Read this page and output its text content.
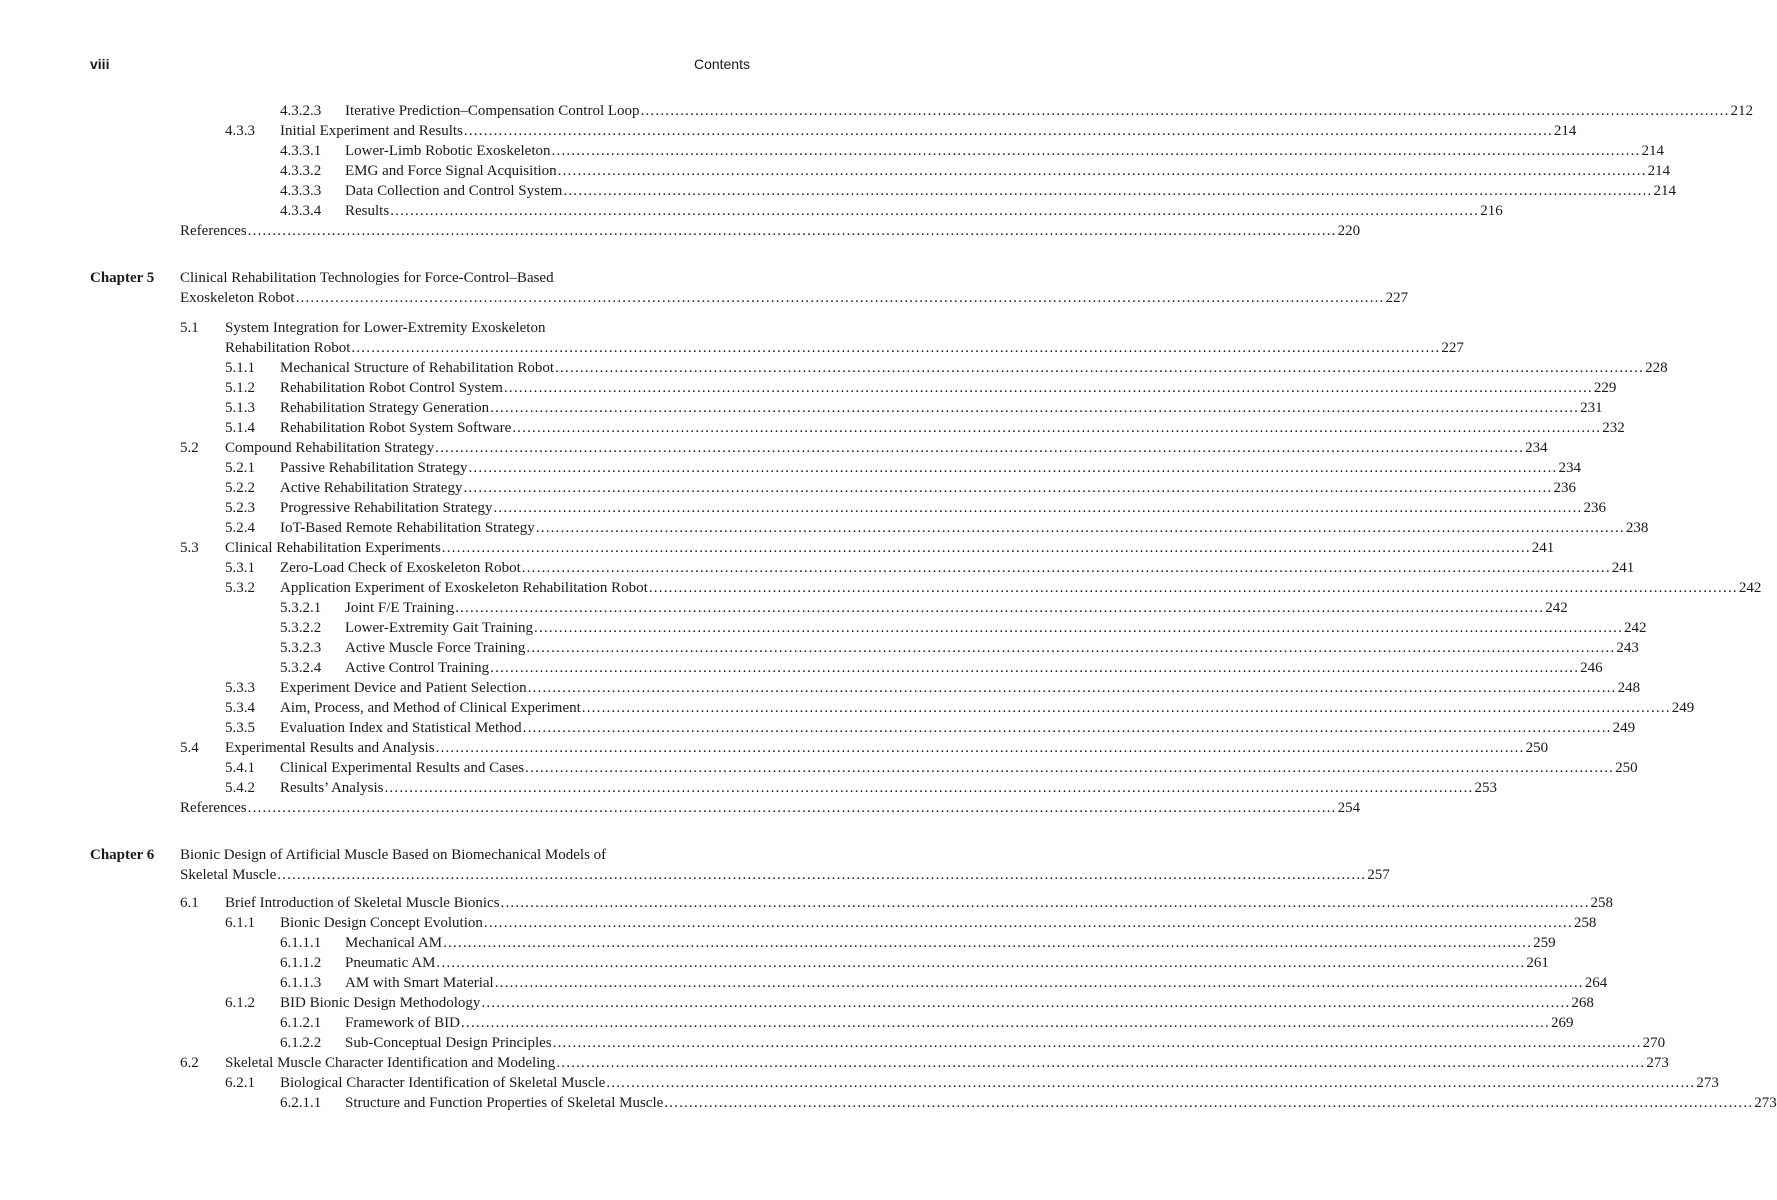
viii	Contents
Chapter 5 Clinical Rehabilitation Technologies for Force-Control–Based
Exoskeleton Robot ............................................................................................................................................................................................................................ 227
Chapter 6 Bionic Design of Artificial Muscle Based on Biomechanical Models of
Skeletal Muscle ............................................................................................................................................................................................................................ 257
4.3.2.3 Iterative Prediction–Compensation Control Loop ............................................................................................................................................................................................................................ 212
4.3.3 Initial Experiment and Results ............................................................................................................................................................................................................................ 214
4.3.3.1 Lower-Limb Robotic Exoskeleton ............................................................................................................................................................................................................................ 214
4.3.3.2 EMG and Force Signal Acquisition ............................................................................................................................................................................................................................ 214
4.3.3.3 Data Collection and Control System ............................................................................................................................................................................................................................ 214
4.3.3.4 Results ............................................................................................................................................................................................................................ 216
References ............................................................................................................................................................................................................................ 220
5.1 System Integration for Lower-Extremity Exoskeleton
Rehabilitation Robot ............................................................................................................................................................................................................................ 227
5.1.1 Mechanical Structure of Rehabilitation Robot ............................................................................................................................................................................................................................ 228
5.1.2 Rehabilitation Robot Control System ............................................................................................................................................................................................................................ 229
5.1.3 Rehabilitation Strategy Generation ............................................................................................................................................................................................................................ 231
5.1.4 Rehabilitation Robot System Software ............................................................................................................................................................................................................................ 232
5.2 Compound Rehabilitation Strategy ............................................................................................................................................................................................................................ 234
5.2.1 Passive Rehabilitation Strategy ............................................................................................................................................................................................................................ 234
5.2.2 Active Rehabilitation Strategy ............................................................................................................................................................................................................................ 236
5.2.3 Progressive Rehabilitation Strategy ............................................................................................................................................................................................................................ 236
5.2.4 IoT-Based Remote Rehabilitation Strategy ............................................................................................................................................................................................................................ 238
5.3 Clinical Rehabilitation Experiments ............................................................................................................................................................................................................................ 241
5.3.1 Zero-Load Check of Exoskeleton Robot ............................................................................................................................................................................................................................ 241
5.3.2 Application Experiment of Exoskeleton Rehabilitation Robot ............................................................................................................................................................................................................................ 242
5.3.2.1 Joint F/E Training ............................................................................................................................................................................................................................ 242
5.3.2.2 Lower-Extremity Gait Training ............................................................................................................................................................................................................................ 242
5.3.2.3 Active Muscle Force Training ............................................................................................................................................................................................................................ 243
5.3.2.4 Active Control Training ............................................................................................................................................................................................................................ 246
5.3.3 Experiment Device and Patient Selection ............................................................................................................................................................................................................................ 248
5.3.4 Aim, Process, and Method of Clinical Experiment ............................................................................................................................................................................................................................ 249
5.3.5 Evaluation Index and Statistical Method ............................................................................................................................................................................................................................ 249
5.4 Experimental Results and Analysis ............................................................................................................................................................................................................................ 250
5.4.1 Clinical Experimental Results and Cases ............................................................................................................................................................................................................................ 250
5.4.2 Results’ Analysis ............................................................................................................................................................................................................................ 253
References ............................................................................................................................................................................................................................ 254
6.1 Brief Introduction of Skeletal Muscle Bionics ............................................................................................................................................................................................................................ 258
6.1.1 Bionic Design Concept Evolution ............................................................................................................................................................................................................................ 258
6.1.1.1 Mechanical AM ............................................................................................................................................................................................................................ 259
6.1.1.2 Pneumatic AM ............................................................................................................................................................................................................................ 261
6.1.1.3 AM with Smart Material ............................................................................................................................................................................................................................ 264
6.1.2 BID Bionic Design Methodology ............................................................................................................................................................................................................................ 268
6.1.2.1 Framework of BID ............................................................................................................................................................................................................................ 269
6.1.2.2 Sub-Conceptual Design Principles ............................................................................................................................................................................................................................ 270
6.2 Skeletal Muscle Character Identification and Modeling ............................................................................................................................................................................................................................ 273
6.2.1 Biological Character Identification of Skeletal Muscle ............................................................................................................................................................................................................................ 273
6.2.1.1 Structure and Function Properties of Skeletal Muscle ............................................................................................................................................................................................................................ 273
